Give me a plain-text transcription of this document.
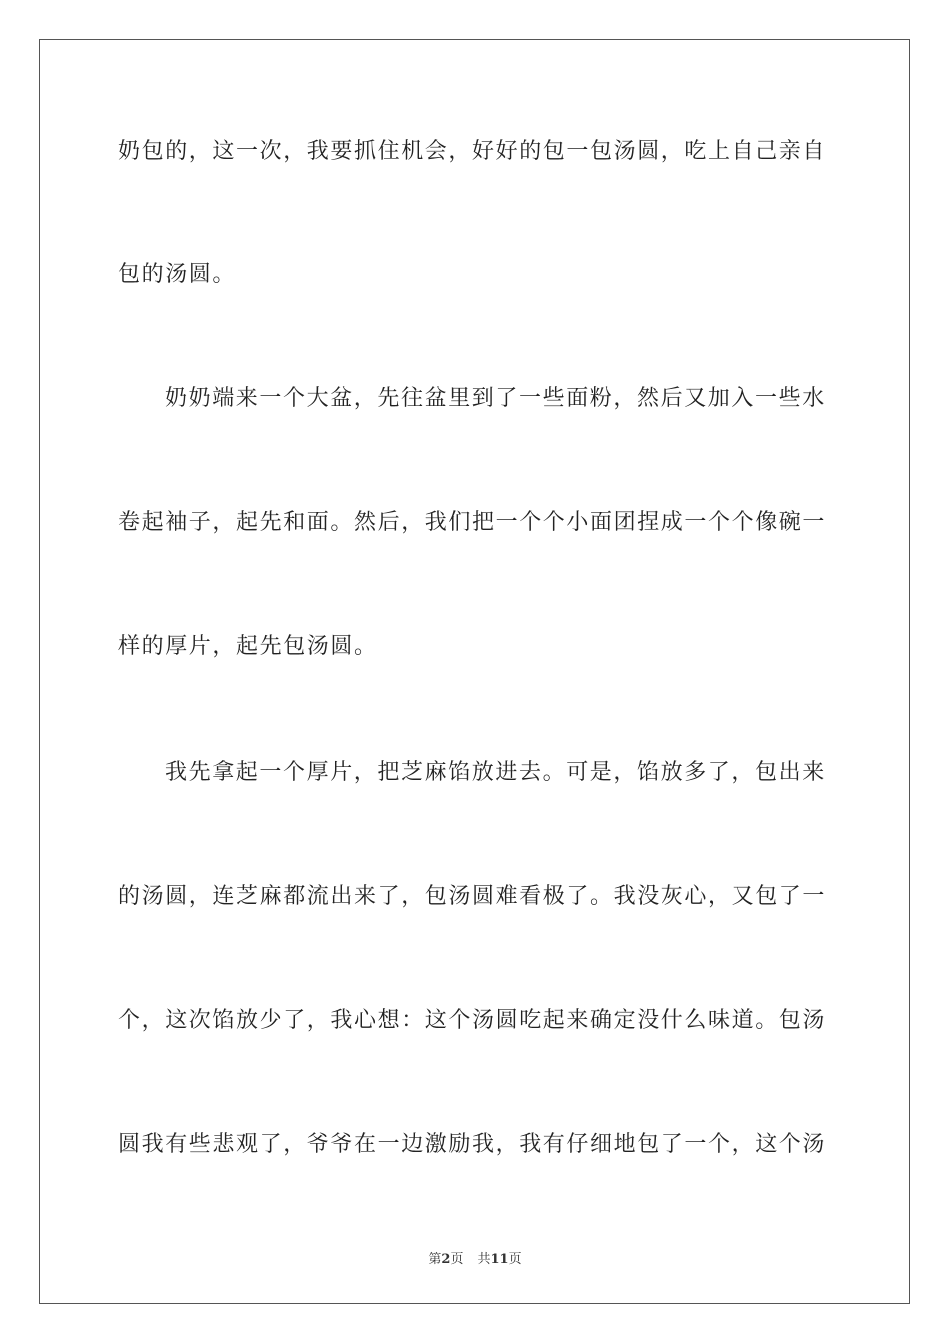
奶包的，这一次，我要抓住机会，好好的包一包汤圆，吃上自己亲自
包的汤圆。
奶奶端来一个大盆，先往盆里到了一些面粉，然后又加入一些水
卷起袖子，起先和面。然后，我们把一个个小面团捏成一个个像碗一
样的厚片，起先包汤圆。
我先拿起一个厚片，把芝麻馅放进去。可是，馅放多了，包出来
的汤圆，连芝麻都流出来了，包汤圆难看极了。我没灰心，又包了一
个，这次馅放少了，我心想：这个汤圆吃起来确定没什么味道。包汤
圆我有些悲观了，爷爷在一边激励我，我有仔细地包了一个，这个汤
第2页 共11页
